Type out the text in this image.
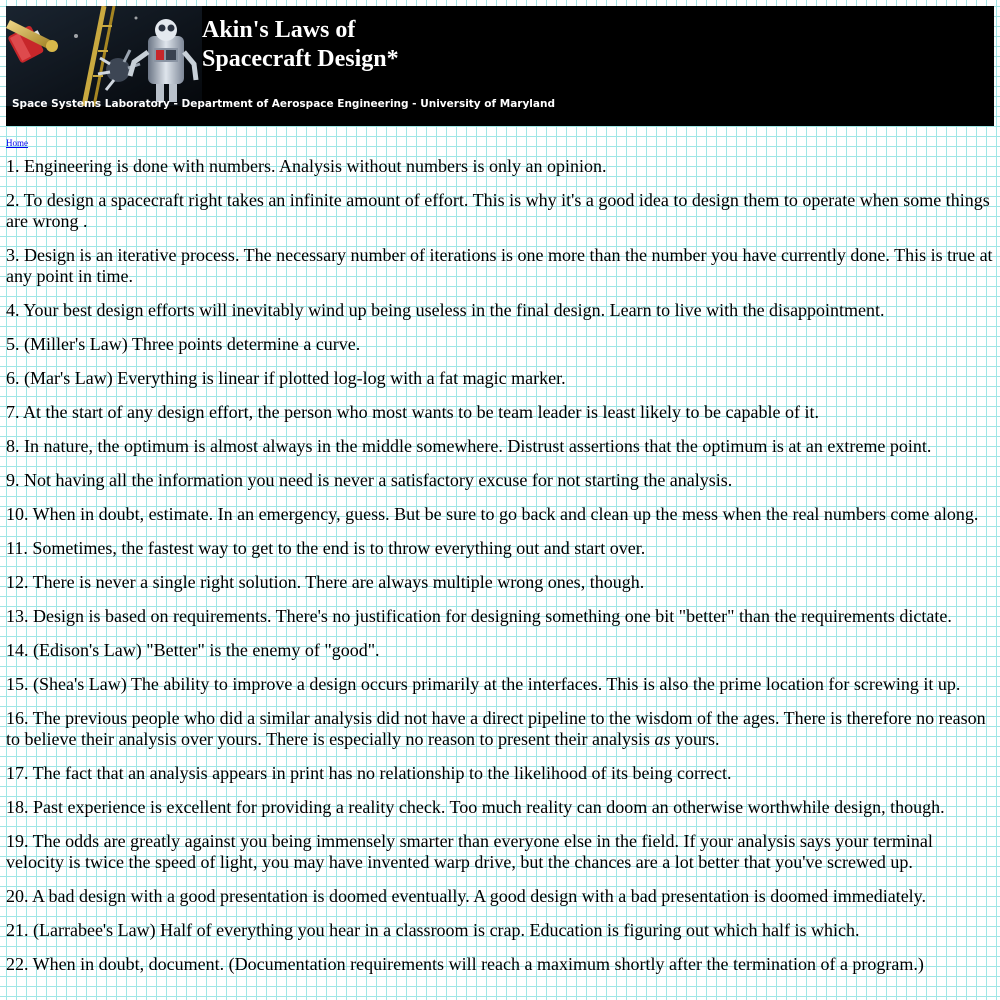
Akin's Laws of
Spacecraft Design*
Space Systems Laboratory - Department of Aerospace Engineering - University of Maryland
Home

1. Engineering is done with numbers. Analysis without numbers is only an opinion.

2. To design a spacecraft right takes an infinite amount of effort. This is why it's a good idea to design them to operate when some things are wrong .

3. Design is an iterative process. The necessary number of iterations is one more than the number you have currently done. This is true at any point in time.

4. Your best design efforts will inevitably wind up being useless in the final design. Learn to live with the disappointment.

5. (Miller's Law) Three points determine a curve.

6. (Mar's Law) Everything is linear if plotted log-log with a fat magic marker.

7. At the start of any design effort, the person who most wants to be team leader is least likely to be capable of it.

8. In nature, the optimum is almost always in the middle somewhere. Distrust assertions that the optimum is at an extreme point.

9. Not having all the information you need is never a satisfactory excuse for not starting the analysis.

10. When in doubt, estimate. In an emergency, guess. But be sure to go back and clean up the mess when the real numbers come along.

11. Sometimes, the fastest way to get to the end is to throw everything out and start over.

12. There is never a single right solution. There are always multiple wrong ones, though.

13. Design is based on requirements. There's no justification for designing something one bit "better" than the requirements dictate.

14. (Edison's Law) "Better" is the enemy of "good".

15. (Shea's Law) The ability to improve a design occurs primarily at the interfaces. This is also the prime location for screwing it up.

16. The previous people who did a similar analysis did not have a direct pipeline to the wisdom of the ages. There is therefore no reason to believe their analysis over yours. There is especially no reason to present their analysis as yours.

17. The fact that an analysis appears in print has no relationship to the likelihood of its being correct.

18. Past experience is excellent for providing a reality check. Too much reality can doom an otherwise worthwhile design, though.

19. The odds are greatly against you being immensely smarter than everyone else in the field. If your analysis says your terminal velocity is twice the speed of light, you may have invented warp drive, but the chances are a lot better that you've screwed up.

20. A bad design with a good presentation is doomed eventually. A good design with a bad presentation is doomed immediately.

21. (Larrabee's Law) Half of everything you hear in a classroom is crap. Education is figuring out which half is which.

22. When in doubt, document. (Documentation requirements will reach a maximum shortly after the termination of a program.)
